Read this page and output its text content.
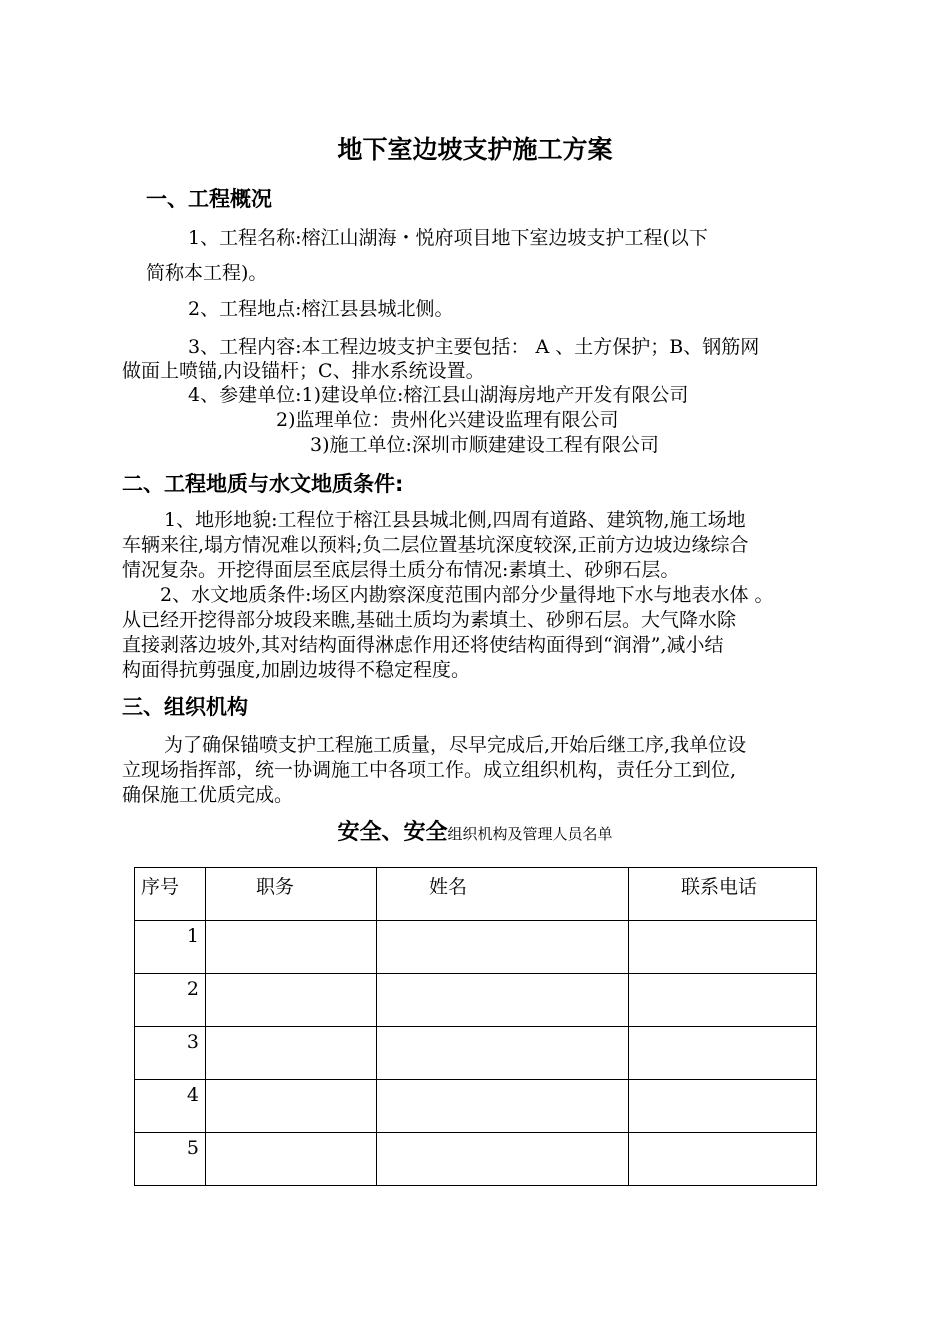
地下室边坡支护施工方案
一、工程概况
1、工程名称:榕江山湖海・悦府项目地下室边坡支护工程(以下
简称本工程)。
2、工程地点:榕江县县城北侧。
3、工程内容:本工程边坡支护主要包括： A 、土方保护；B、钢筋网
做面上喷锚,内设锚杆；C、排水系统设置。
4、参建单位:1)建设单位:榕江县山湖海房地产开发有限公司
2)监理单位：贵州化兴建设监理有限公司
3)施工单位:深圳市顺建建设工程有限公司
二、工程地质与水文地质条件:
1、地形地貌:工程位于榕江县县城北侧,四周有道路、建筑物,施工场地
车辆来往,塌方情况难以预料;负二层位置基坑深度较深,正前方边坡边缘综合
情况复杂。开挖得面层至底层得土质分布情况:素填土、砂卵石层。
2、水文地质条件:场区内勘察深度范围内部分少量得地下水与地表水体 。
从已经开挖得部分坡段来瞧,基础土质均为素填土、砂卵石层。大气降水除
直接剥落边坡外,其对结构面得淋虑作用还将使结构面得到“润滑”,减小结
构面得抗剪强度,加剧边坡得不稳定程度。
三、组织机构
为了确保锚喷支护工程施工质量，尽早完成后,开始后继工序,我单位设
立现场指挥部，统一协调施工中各项工作。成立组织机构，责任分工到位,
确保施工优质完成。
安全、安全组织机构及管理人员名单
序号	职务	姓名	联系电话
1			
2			
3			
4			
5			
